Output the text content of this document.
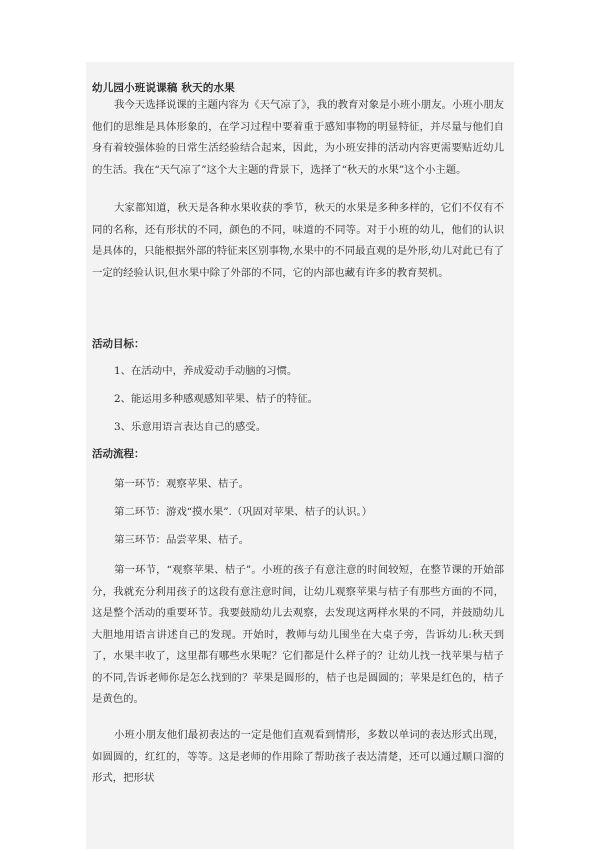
幼儿园小班说课稿 秋天的水果

我今天选择说课的主题内容为《天气凉了》，我的教育对象是小班小朋友。小班小朋友他们的思维是具体形象的，在学习过程中要着重于感知事物的明显特征，并尽量与他们自身有着较强体验的日常生活经验结合起来，因此，为小班安排的活动内容更需要贴近幼儿的生活。我在“天气凉了”这个大主题的背景下，选择了“秋天的水果”这个小主题。

大家都知道，秋天是各种水果收获的季节，秋天的水果是多种多样的，它们不仅有不同的名称，还有形状的不同，颜色的不同，味道的不同等。对于小班的幼儿，他们的认识是具体的，只能根据外部的特征来区别事物,水果中的不同最直观的是外形,幼儿对此已有了一定的经验认识,但水果中除了外部的不同，它的内部也藏有许多的教育契机。

活动目标：
1、在活动中，养成爱动手动脑的习惯。
2、能运用多种感观感知苹果、桔子的特征。
3、乐意用语言表达自己的感受。
活动流程：
第一环节：观察苹果、桔子。
第二环节：游戏“摸水果”.（巩固对苹果、桔子的认识。）
第三环节：品尝苹果、桔子。

第一环节，“观察苹果、桔子”。小班的孩子有意注意的时间较短，在整节课的开始部分，我就充分利用孩子的这段有意注意时间，让幼儿观察苹果与桔子有那些方面的不同，这是整个活动的重要环节。我要鼓励幼儿去观察，去发现这两样水果的不同，并鼓励幼儿大胆地用语言讲述自己的发现。开始时，教师与幼儿围坐在大桌子旁，告诉幼儿:秋天到了，水果丰收了，这里都有哪些水果呢？它们都是什么样子的？让幼儿找一找苹果与桔子的不同,告诉老师你是怎么找到的？苹果是圆形的，桔子也是圆圆的；苹果是红色的，桔子是黄色的。

小班小朋友他们最初表达的一定是他们直观看到情形，多数以单词的表达形式出现，如圆圆的，红红的，等等。这是老师的作用除了帮助孩子表达清楚，还可以通过顺口溜的形式，把形状
